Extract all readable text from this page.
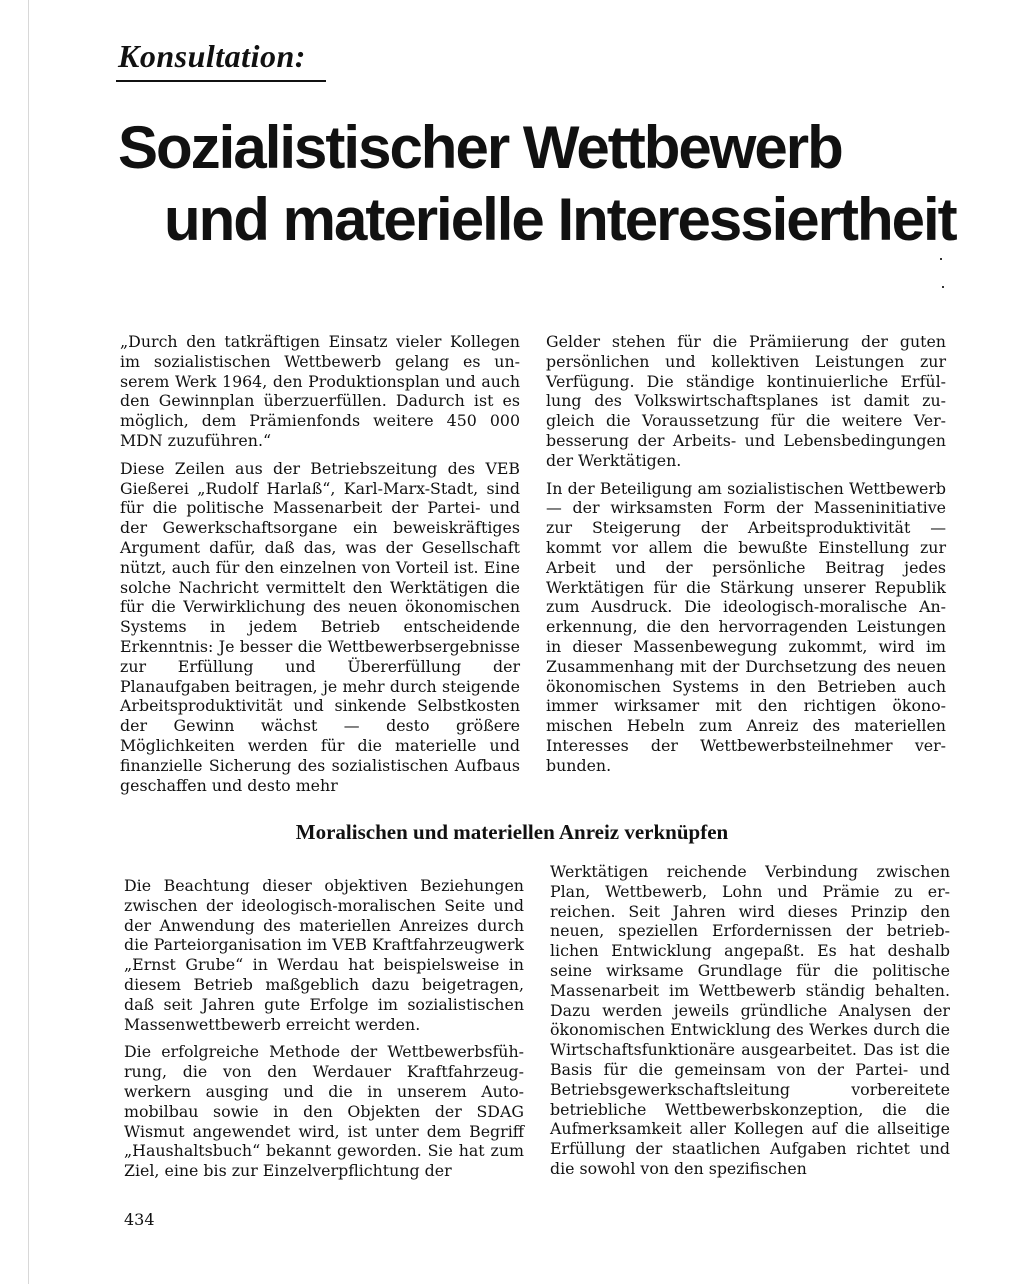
Konsultation:
Sozialistischer Wettbewerb
und materielle Interessiertheit

„Durch den tatkräftigen Einsatz vieler Kollegen im sozialistischen Wettbewerb gelang es unserem Werk 1964, den Produktionsplan und auch den Gewinnplan überzuerfüllen. Dadurch ist es möglich, dem Prämienfonds weitere 450 000 MDN zuzuführen.“

Diese Zeilen aus der Betriebszeitung des VEB Gießerei „Rudolf Harlaß“, Karl-Marx-Stadt, sind für die politische Massenarbeit der Partei- und der Gewerkschaftsorgane ein beweiskräftiges Argument dafür, daß das, was der Gesellschaft nützt, auch für den einzelnen von Vorteil ist. Eine solche Nachricht vermittelt den Werktätigen die für die Verwirklichung des neuen ökonomischen Systems in jedem Betrieb entscheidende Erkenntnis: Je besser die Wettbewerbsergebnisse zur Erfüllung und Übererfüllung der Planaufgaben beitragen, je mehr durch steigende Arbeitsproduktivität und sinkende Selbstkosten der Gewinn wächst — desto größere Möglichkeiten werden für die materielle und finanzielle Sicherung des sozialistischen Aufbaus geschaffen und desto mehr

Gelder stehen für die Prämiierung der guten persönlichen und kollektiven Leistungen zur Verfügung. Die ständige kontinuierliche Erfüllung des Volkswirtschaftsplanes ist damit zugleich die Voraussetzung für die weitere Verbesserung der Arbeits- und Lebensbedingungen der Werktätigen.

In der Beteiligung am sozialistischen Wettbewerb — der wirksamsten Form der Masseninitiative zur Steigerung der Arbeitsproduktivität — kommt vor allem die bewußte Einstellung zur Arbeit und der persönliche Beitrag jedes Werktätigen für die Stärkung unserer Republik zum Ausdruck. Die ideologisch-moralische Anerkennung, die den hervorragenden Leistungen in dieser Massenbewegung zukommt, wird im Zusammenhang mit der Durchsetzung des neuen ökonomischen Systems in den Betrieben auch immer wirksamer mit den richtigen ökonomischen Hebeln zum Anreiz des materiellen Interesses der Wettbewerbsteilnehmer verbunden.

Moralischen und materiellen Anreiz verknüpfen

Die Beachtung dieser objektiven Beziehungen zwischen der ideologisch-moralischen Seite und der Anwendung des materiellen Anreizes durch die Parteiorganisation im VEB Kraftfahrzeugwerk „Ernst Grube“ in Werdau hat beispielsweise in diesem Betrieb maßgeblich dazu beigetragen, daß seit Jahren gute Erfolge im sozialistischen Massenwettbewerb erreicht werden.

Die erfolgreiche Methode der Wettbewerbsführung, die von den Werdauer Kraftfahrzeugwerkern ausging und die in unserem Automobilbau sowie in den Objekten der SDAG Wismut angewendet wird, ist unter dem Begriff „Haushaltsbuch“ bekannt geworden. Sie hat zum Ziel, eine bis zur Einzelverpflichtung der

Werktätigen reichende Verbindung zwischen Plan, Wettbewerb, Lohn und Prämie zu erreichen. Seit Jahren wird dieses Prinzip den neuen, speziellen Erfordernissen der betrieblichen Entwicklung angepaßt. Es hat deshalb seine wirksame Grundlage für die politische Massenarbeit im Wettbewerb ständig behalten. Dazu werden jeweils gründliche Analysen der ökonomischen Entwicklung des Werkes durch die Wirtschaftsfunktionäre ausgearbeitet. Das ist die Basis für die gemeinsam von der Partei- und Betriebsgewerkschaftsleitung vorbereitete betriebliche Wettbewerbskonzeption, die die Aufmerksamkeit aller Kollegen auf die allseitige Erfüllung der staatlichen Aufgaben richtet und die sowohl von den spezifischen

434
